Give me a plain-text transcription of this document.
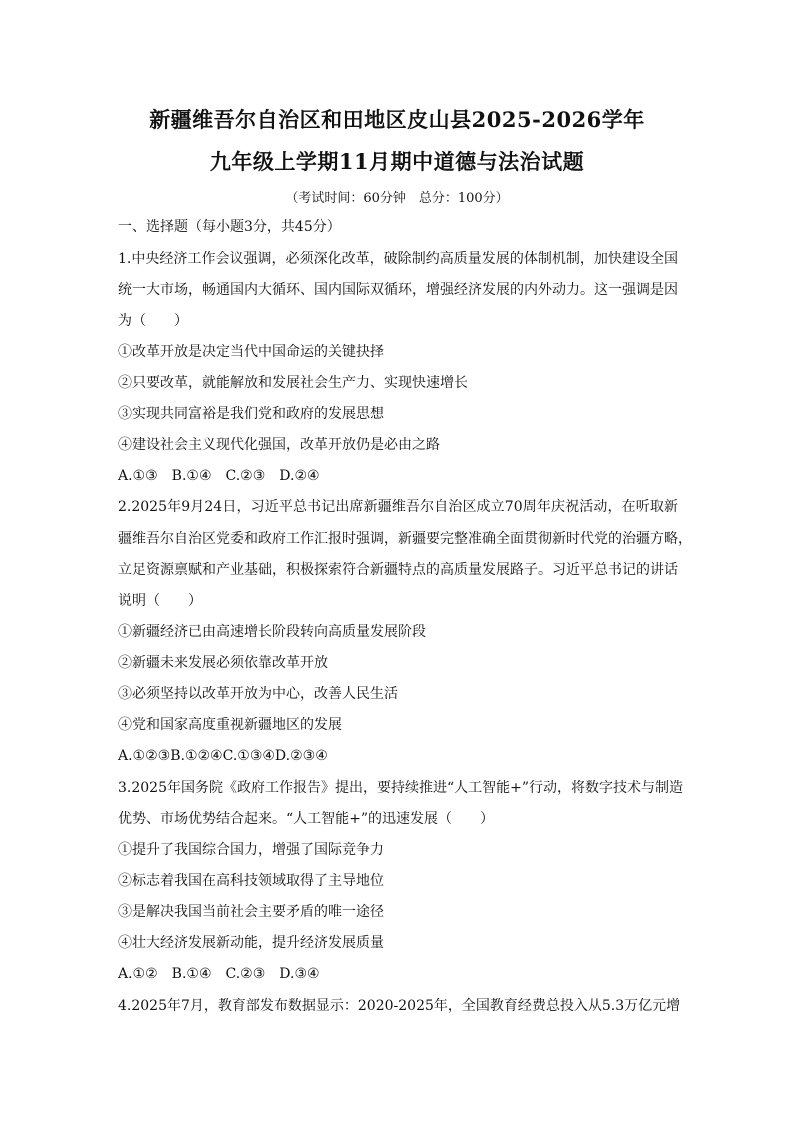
新疆维吾尔自治区和田地区皮山县2025-2026学年
九年级上学期11月期中道德与法治试题
（考试时间：60分钟　总分：100分）
一、选择题（每小题3分，共45分）
1.中央经济工作会议强调，必须深化改革，破除制约高质量发展的体制机制，加快建设全国
统一大市场，畅通国内大循环、国内国际双循环，增强经济发展的内外动力。这一强调是因
为（　　）
①改革开放是决定当代中国命运的关键抉择
②只要改革，就能解放和发展社会生产力、实现快速增长
③实现共同富裕是我们党和政府的发展思想
④建设社会主义现代化强国，改革开放仍是必由之路
A.①③　B.①④　C.②③　D.②④
2.2025年9月24日，习近平总书记出席新疆维吾尔自治区成立70周年庆祝活动，在听取新
疆维吾尔自治区党委和政府工作汇报时强调，新疆要完整准确全面贯彻新时代党的治疆方略，
立足资源禀赋和产业基础，积极探索符合新疆特点的高质量发展路子。习近平总书记的讲话
说明（　　）
①新疆经济已由高速增长阶段转向高质量发展阶段
②新疆未来发展必须依靠改革开放
③必须坚持以改革开放为中心，改善人民生活
④党和国家高度重视新疆地区的发展
A.①②③B.①②④C.①③④D.②③④
3.2025年国务院《政府工作报告》提出，要持续推进“人工智能+”行动，将数字技术与制造
优势、市场优势结合起来。“人工智能+”的迅速发展（　　）
①提升了我国综合国力，增强了国际竞争力
②标志着我国在高科技领域取得了主导地位
③是解决我国当前社会主要矛盾的唯一途径
④壮大经济发展新动能，提升经济发展质量
A.①②　B.①④　C.②③　D.③④
4.2025年7月，教育部发布数据显示：2020-2025年，全国教育经费总投入从5.3万亿元增
